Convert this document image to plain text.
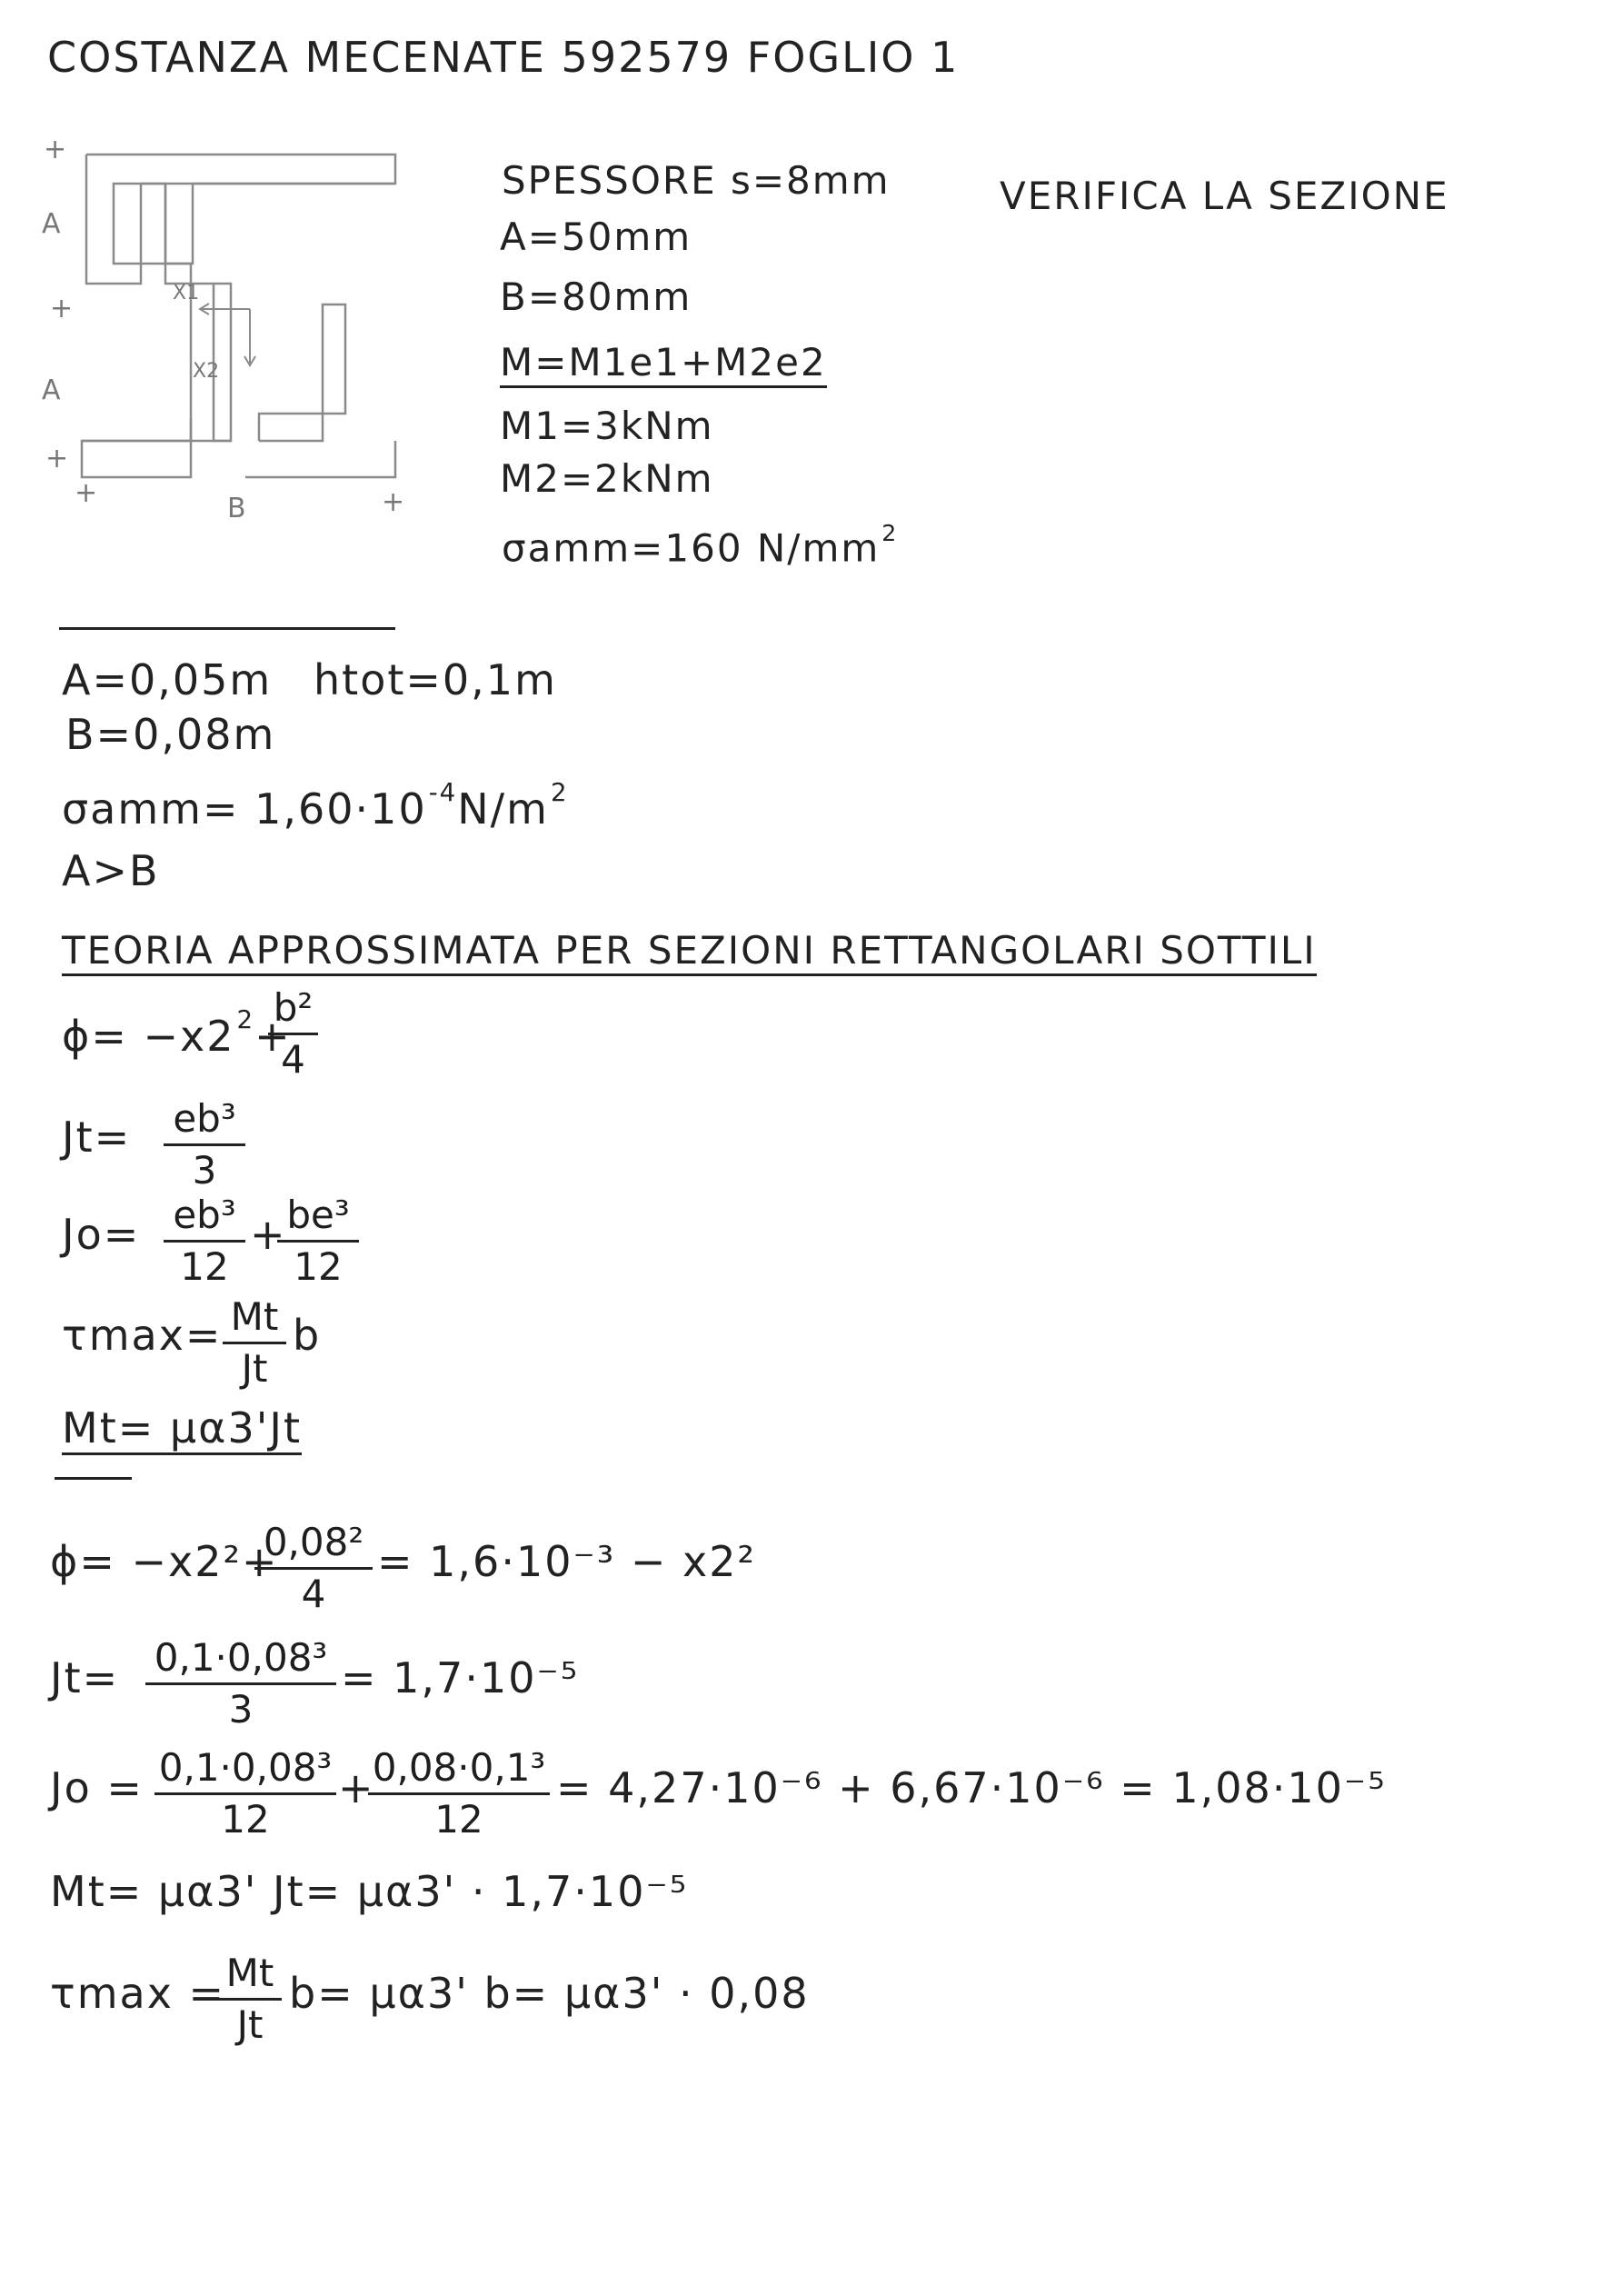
COSTANZA MECENATE 592579 FOGLIO 1
+
A
+
A
+
+	B	+
X1
X2
SPESSORE s=8mm
A=50mm
B=80mm
M=M1e1+M2e2
M1=3kNm
M2=2kNm
σamm=160 $N/mm^2$
VERIFICA LA SEZIONE
A=0,05m htot=0,1m
B=0,08m
$\sigma amm= 1,60\cdot 10^{-4}N/m^2$
A>B
TEORIA APPROSSIMATA PER SEZIONI RETTANGOLARI SOTTILI
$\phi= -x2^2+$
b²
4
Jt= eb³
3
Jo= eb³
12
+ be³
12
τmax= Mt
Jt
b
Mt= μα3'Jt
ϕ= −x2²+
0,08²
4
= 1,6·10⁻³ − x2²
Jt= 0,1·0,08³
3
= 1,7·10⁻⁵
Jo = 0,1·0,08³
12
+
0,08·0,1³
12
= 4,27·10⁻⁶ + 6,67·10⁻⁶ = 1,08·10⁻⁵
Mt= μα3' Jt= μα3' · 1,7·10⁻⁵
τmax = Mt
Jt
b= μα3' b= μα3' · 0,08
